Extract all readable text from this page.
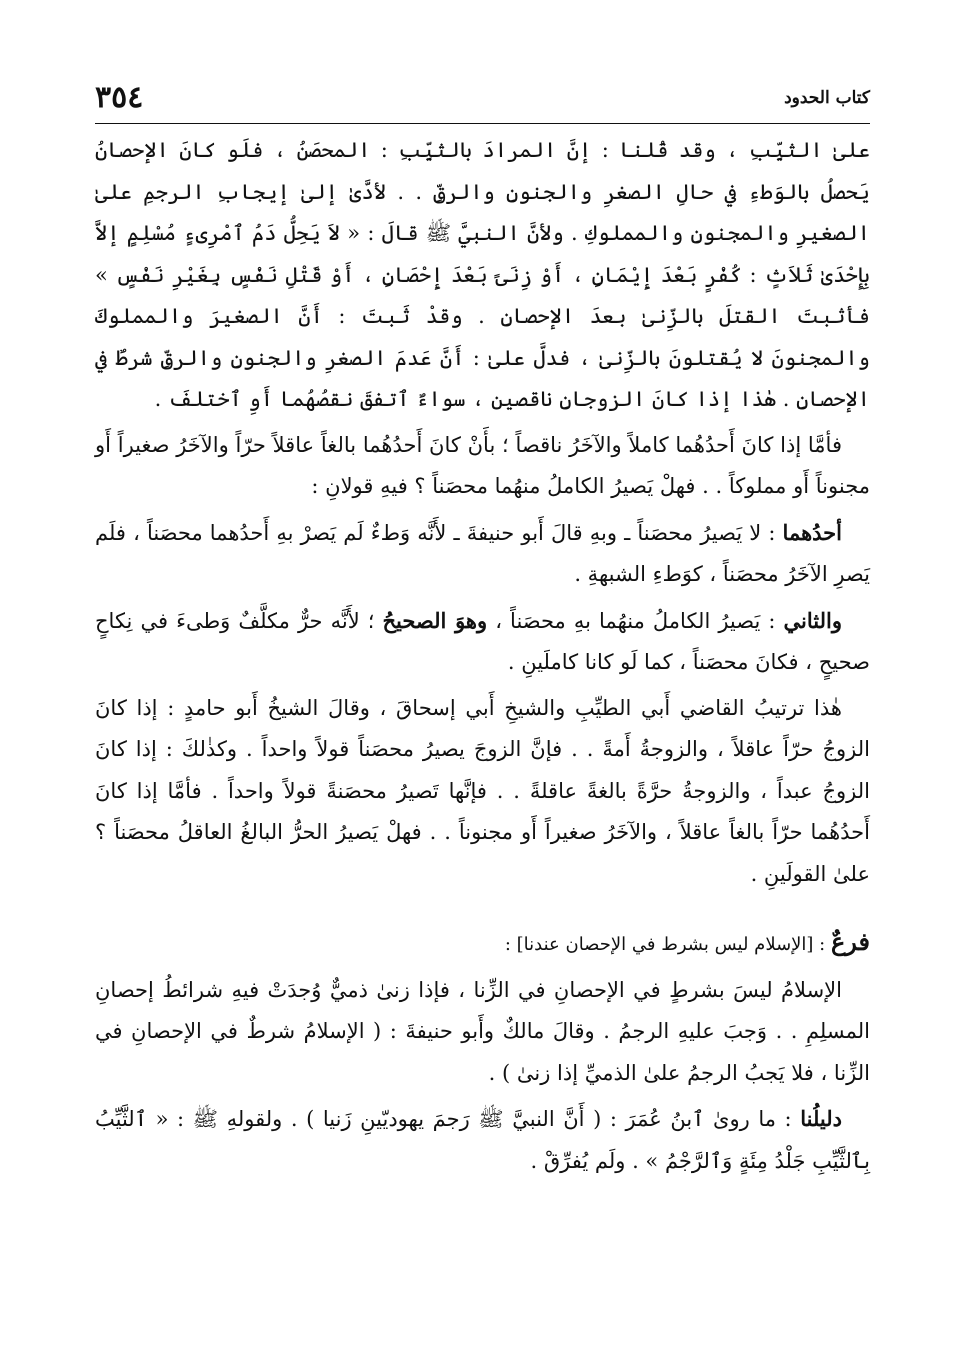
كتاب الحدود
٣٥٤

علىٰ الثيِّبِ ، وقد قُلنا : إنَّ المرادَ بالثيِّبِ : المحصَنُ ، فلَو كانَ الإحصانُ يَحصلُ بالوَطءِ في حالِ الصغرِ والجنونِ والرقِّ . . لأدَّىٰ إلىٰ إيجابِ الرجمِ علىٰ الصغيرِ والمجنونِ والمملوكِ . ولأنَّ النبيَّ ﷺ قالَ : « لاَ يَحِلُّ دَمُ ٱمْرِىءٍ مُسْلِمٍ إلاَّ بِإِحْدَىٰ ثَلاَثٍ : كُفْرٍ بَعْدَ إِيْمَانٍ ، أَوْ زِنَىً بَعْدَ إِحْصَانٍ ، أَوْ قَتْلِ نَفْسٍ بِغَيْرِ نَفْسٍ » فأثبتَ القتلَ بالزِّنىٰ بعدَ الإحصانِ . وقدْ ثَبتَ : أَنَّ الصغيرَ والمملوكَ والمجنونَ لا يُقتلونَ بالزِّنىٰ ، فدلَّ علىٰ : أَنَّ عَدمَ الصغرِ والجنونِ والرقِّ شرطٌ في الإحصانِ . هٰذا إذا كانَ الزوجانِ ناقصين ، سواءٌ ٱتفقَ نقصُهُما أَوِ ٱختلفَ .

فأمَّا إذا كانَ أَحدُهُما كاملاً والآخَرُ ناقصاً ؛ بأَنْ كانَ أَحدُهُما بالغاً عاقلاً حرّاً والآخَرُ صغيراً أَو مجنوناً أَو مملوكاً . . فهلْ يَصيرُ الكاملُ منهُما محصَناً ؟ فيهِ قولانِ :

أحدُهما : لا يَصيرُ محصَناً ـ وبهِ قالَ أَبو حنيفةَ ـ لأَنَّه وَطءٌ لَم يَصرْ بهِ أَحدُهما محصَناً ، فلَم يَصرِ الآخَرُ محصَناً ، كوَطءِ الشبهةِ .

والثاني : يَصيرُ الكاملُ منهُما بهِ محصَناً ، وهوَ الصحيحُ ؛ لأَنَّه حرٌّ مكلَّفٌ وَطىءَ في نِكاحٍ صحيحٍ ، فكانَ محصَناً ، كما لَو كانا كاملَينِ .

هٰذا ترتيبُ القاضي أَبي الطيِّبِ والشيخِ أَبي إسحاقَ ، وقالَ الشيخُ أَبو حامدٍ : إذا كانَ الزوجُ حرّاً عاقلاً ، والزوجةُ أَمةً . . فإنَّ الزوجَ يصيرُ محصَناً قولاً واحداً . وكذٰلكَ : إذا كانَ الزوجُ عبداً ، والزوجةُ حرَّةً بالغةً عاقلةً . . فإنَّها تَصيرُ محصَنةً قولاً واحداً . فأمَّا إذا كانَ أَحدُهُما حرّاً بالغاً عاقلاً ، والآخَرُ صغيراً أَو مجنوناً . . فهلْ يَصيرُ الحرُّ البالغُ العاقلُ محصَناً ؟ علىٰ القولَينِ .

فرعٌ : [الإسلام ليس بشرط في الإحصان عندنا] :

الإسلامُ ليسَ بشرطٍ في الإحصانِ في الزِّنا ، فإذا زنىٰ ذميٌّ وُجدَتْ فيهِ شرائطُ إحصانِ المسلِمِ . . وَجبَ عليهِ الرجمُ . وقالَ مالكٌ وأَبو حنيفةَ : ( الإسلامُ شرطٌ في الإحصانِ في الزِّنا ، فلا يَجبُ الرجمُ علىٰ الذميِّ إذا زنىٰ ) .

دليلُنا : ما روىٰ ٱبنُ عُمَرَ : ( أَنَّ النبيَّ ﷺ رَجمَ يهوديّينِ زَنيا ) . ولقولهِ ﷺ : « ٱلثَّيِّبُ بِٱلثَّيِّبِ جَلْدُ مِئَةٍ وَٱلرَّجْمُ » . ولَم يُفرِّقْ .
